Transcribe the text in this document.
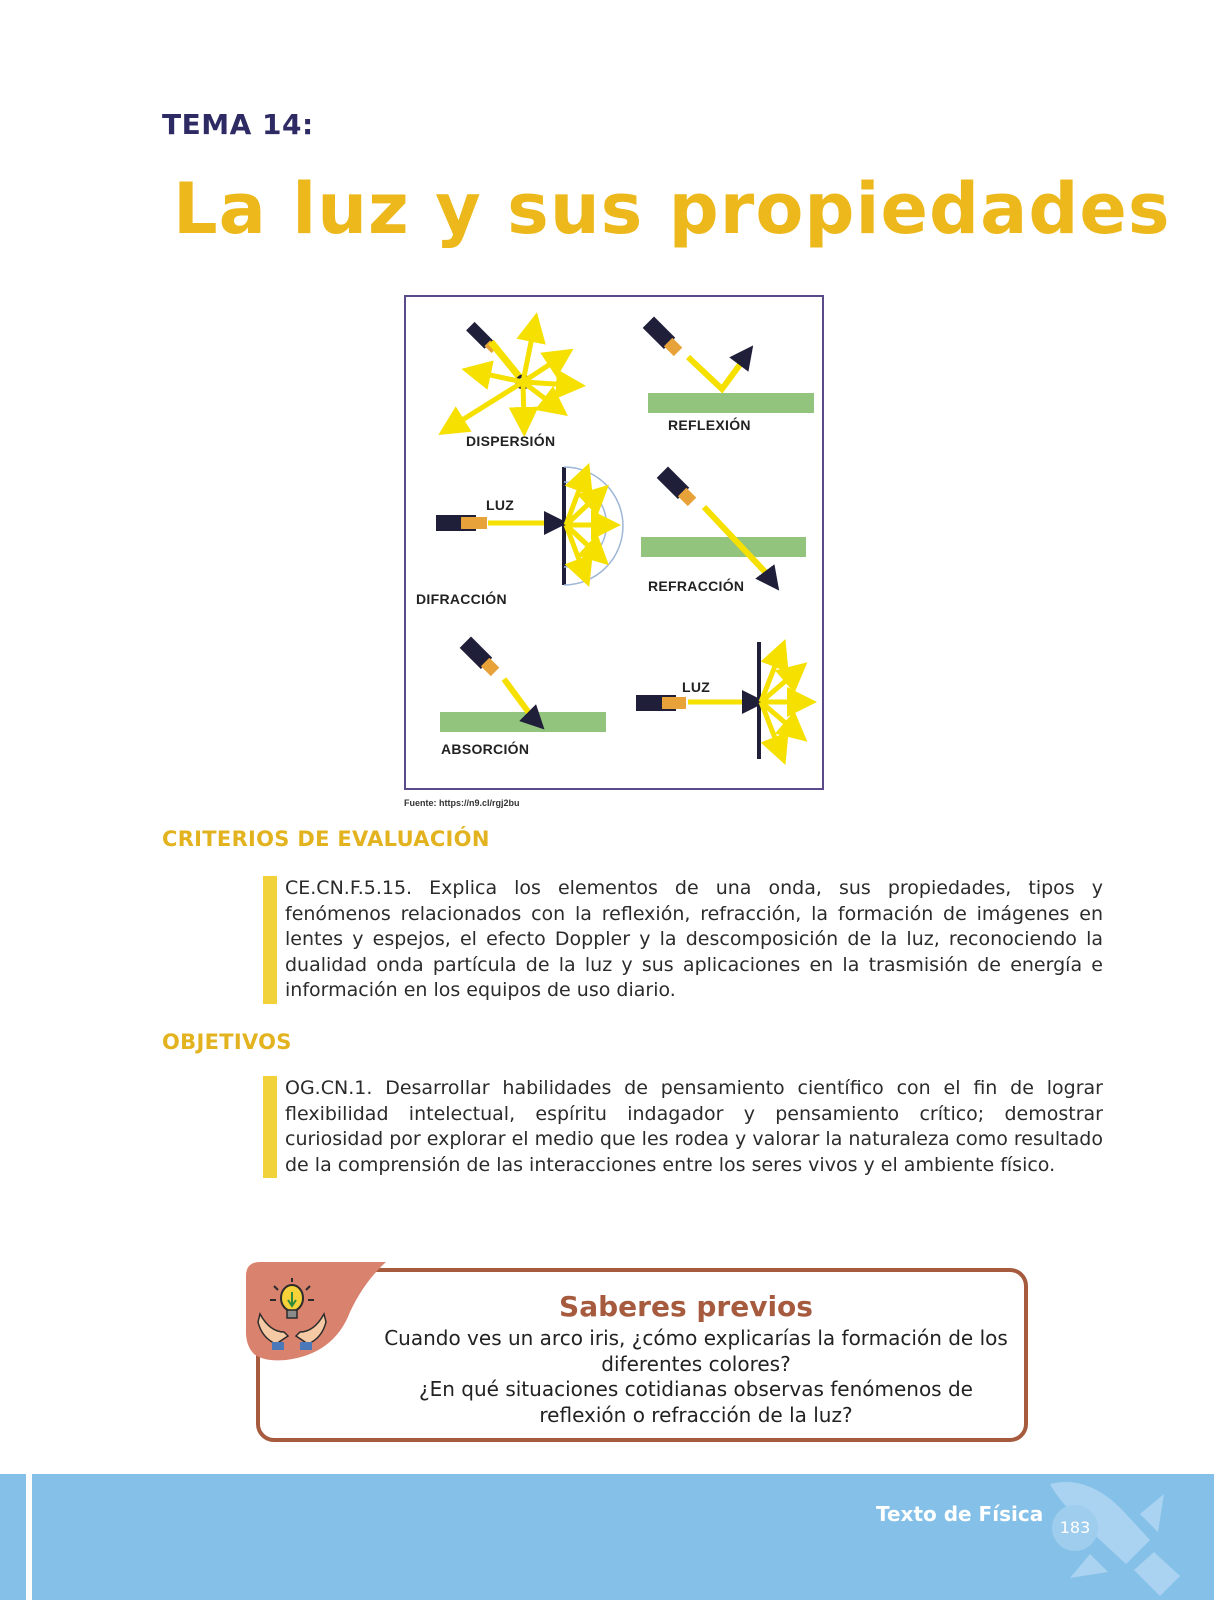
TEMA 14:
La luz y sus propiedades
DISPERSIÓN
REFLEXIÓN
LUZ
DIFRACCIÓN
REFRACCIÓN
ABSORCIÓN
LUZ
Fuente: https://n9.cl/rgj2bu
CRITERIOS DE EVALUACIÓN

CE.CN.F.5.15. Explica los elementos de una onda, sus propiedades, tipos y fenómenos relacionados con la reflexión, refracción, la formación de imágenes en lentes y espejos, el efecto Doppler y la descomposición de la luz, reconociendo la dualidad onda partícula de la luz y sus aplicaciones en la trasmisión de energía e información en los equipos de uso diario.

OBJETIVOS

OG.CN.1. Desarrollar habilidades de pensamiento científico con el fin de lograr flexibilidad intelectual, espíritu indagador y pensamiento crítico; demostrar curiosidad por explorar el medio que les rodea y valorar la naturaleza como resultado de la comprensión de las interacciones entre los seres vivos y el ambiente físico.

Saberes previos
Cuando ves un arco iris, ¿cómo explicarías la formación de los diferentes colores?
¿En qué situaciones cotidianas observas fenómenos de reflexión o refracción de la luz?
Texto de Física
183
